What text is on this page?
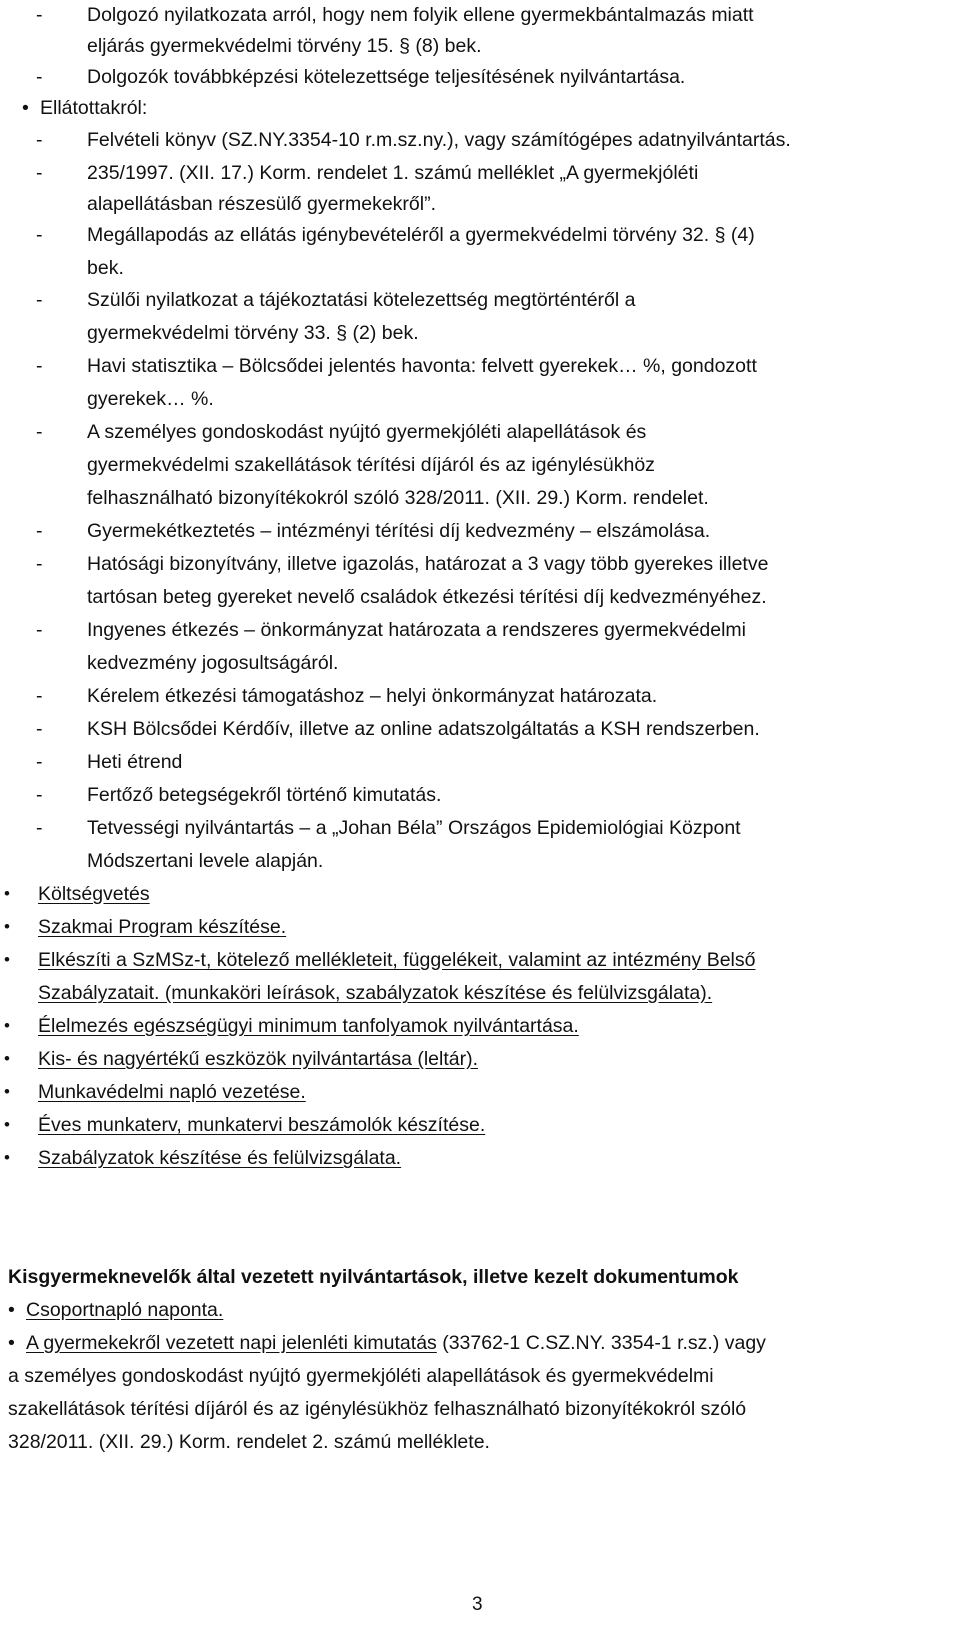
- Dolgozó nyilatkozata arról, hogy nem folyik ellene gyermekbántalmazás miatt
eljárás gyermekvédelmi törvény 15. § (8) bek.
- Dolgozók továbbképzési kötelezettsége teljesítésének nyilvántartása.
• Ellátottakról:
- Felvételi könyv (SZ.NY.3354-10 r.m.sz.ny.), vagy számítógépes adatnyilvántartás.
- 235/1997. (XII. 17.) Korm. rendelet 1. számú melléklet „A gyermekjóléti
alapellátásban részesülő gyermekekről”.
- Megállapodás az ellátás igénybevételéről a gyermekvédelmi törvény 32. § (4)
bek.
- Szülői nyilatkozat a tájékoztatási kötelezettség megtörténtéről a
gyermekvédelmi törvény 33. § (2) bek.
- Havi statisztika – Bölcsődei jelentés havonta: felvett gyerekek… %, gondozott
gyerekek… %.
- A személyes gondoskodást nyújtó gyermekjóléti alapellátások és
gyermekvédelmi szakellátások térítési díjáról és az igénylésükhöz
felhasználható bizonyítékokról szóló 328/2011. (XII. 29.) Korm. rendelet.
- Gyermekétkeztetés – intézményi térítési díj kedvezmény – elszámolása.
- Hatósági bizonyítvány, illetve igazolás, határozat a 3 vagy több gyerekes illetve
tartósan beteg gyereket nevelő családok étkezési térítési díj kedvezményéhez.
- Ingyenes étkezés – önkormányzat határozata a rendszeres gyermekvédelmi
kedvezmény jogosultságáról.
- Kérelem étkezési támogatáshoz – helyi önkormányzat határozata.
- KSH Bölcsődei Kérdőív, illetve az online adatszolgáltatás a KSH rendszerben.
- Heti étrend
- Fertőző betegségekről történő kimutatás.
- Tetvességi nyilvántartás – a „Johan Béla” Országos Epidemiológiai Központ
Módszertani levele alapján.
• Költségvetés
• Szakmai Program készítése.
• Elkészíti a SzMSz-t, kötelező mellékleteit, függelékeit, valamint az intézmény Belső
Szabályzatait. (munkaköri leírások, szabályzatok készítése és felülvizsgálata).
• Élelmezés egészségügyi minimum tanfolyamok nyilvántartása.
• Kis- és nagyértékű eszközök nyilvántartása (leltár).
• Munkavédelmi napló vezetése.
• Éves munkaterv, munkatervi beszámolók készítése.
• Szabályzatok készítése és felülvizsgálata.
Kisgyermeknevelők által vezetett nyilvántartások, illetve kezelt dokumentumok
• Csoportnapló naponta.
• A gyermekekről vezetett napi jelenléti kimutatás (33762-1 C.SZ.NY. 3354-1 r.sz.) vagy
a személyes gondoskodást nyújtó gyermekjóléti alapellátások és gyermekvédelmi
szakellátások térítési díjáról és az igénylésükhöz felhasználható bizonyítékokról szóló
328/2011. (XII. 29.) Korm. rendelet 2. számú melléklete.
3
